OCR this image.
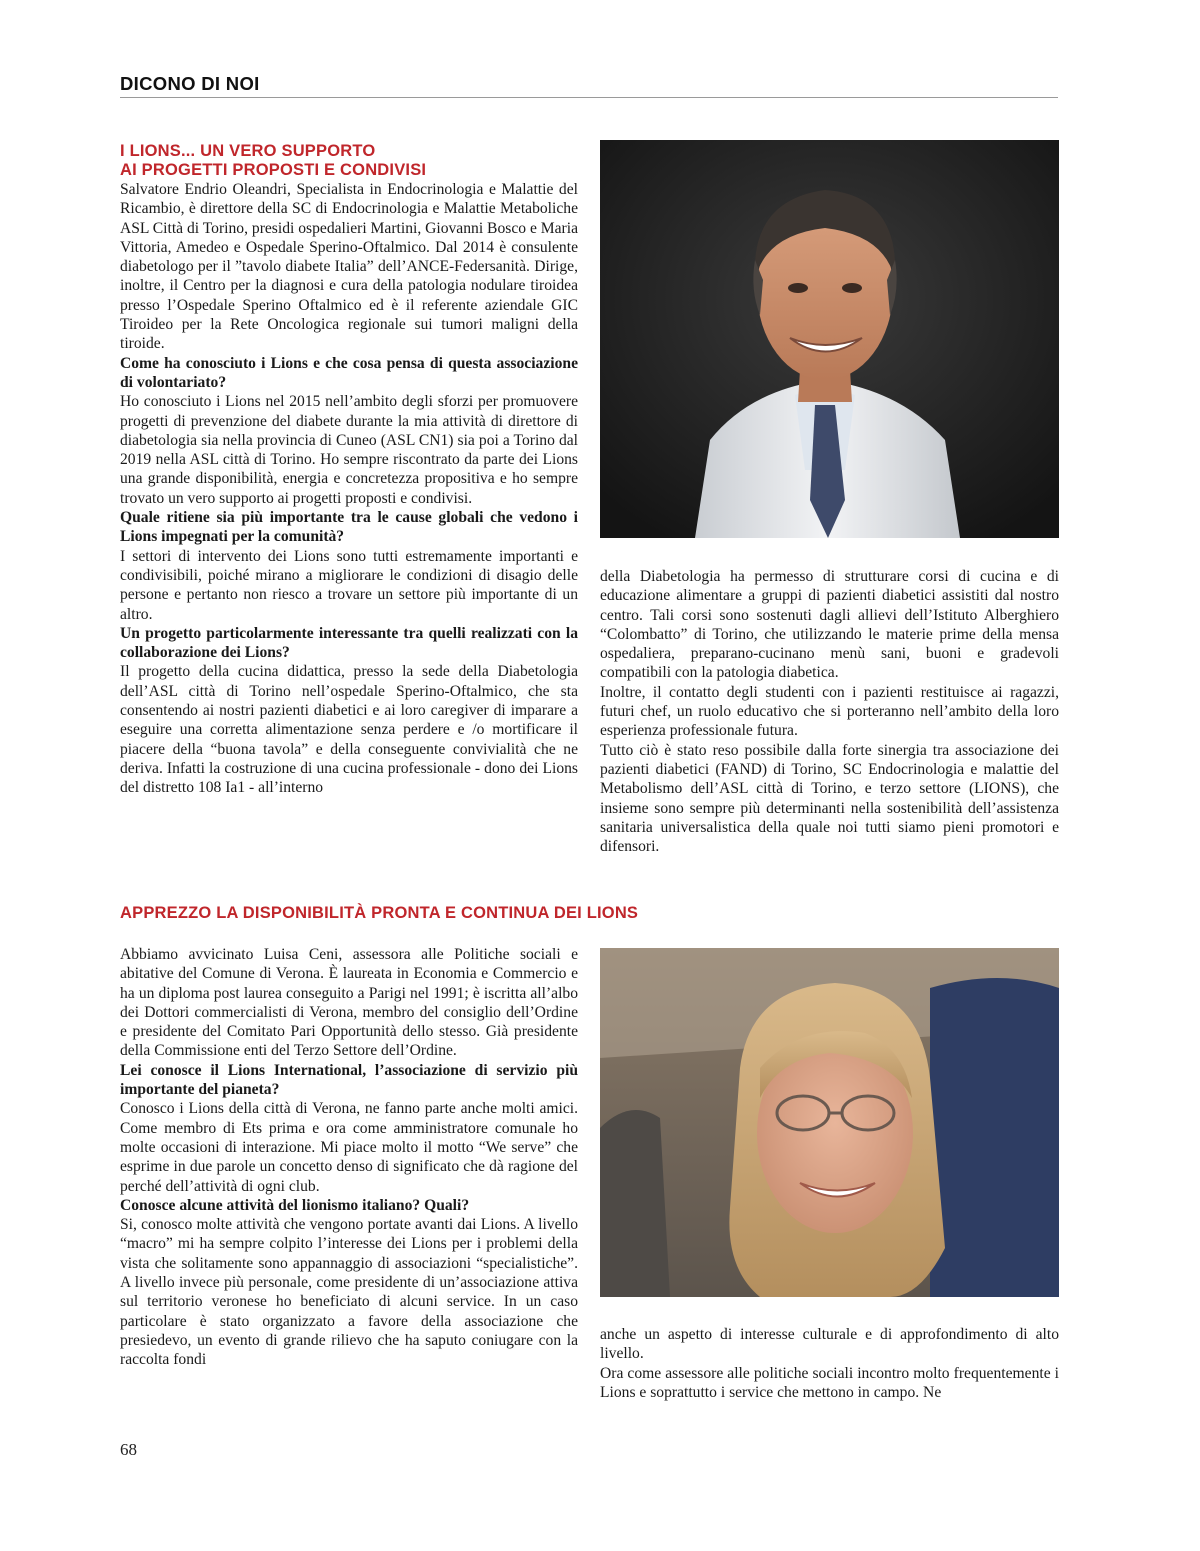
DICONO DI NOI
I LIONS... UN VERO SUPPORTO
AI PROGETTI PROPOSTI E CONDIVISI

Salvatore Endrio Oleandri, Specialista in Endocrinologia e Malattie del Ricambio, è direttore della SC di Endocrinologia e Malattie Metaboliche ASL Città di Torino, presidi ospedalieri Martini, Giovanni Bosco e Maria Vittoria, Amedeo e Ospedale Sperino-Oftalmico. Dal 2014 è consulente diabetologo per il ”tavolo diabete Italia” dell’ANCE-Federsanità. Dirige, inoltre, il Centro per la diagnosi e cura della patologia nodulare tiroidea presso l’Ospedale Sperino Oftalmico ed è il referente aziendale GIC Tiroideo per la Rete Oncologica regionale sui tumori maligni della tiroide.

Come ha conosciuto i Lions e che cosa pensa di questa associazione di volontariato?

Ho conosciuto i Lions nel 2015 nell’ambito degli sforzi per promuovere progetti di prevenzione del diabete durante la mia attività di direttore di diabetologia sia nella provincia di Cuneo (ASL CN1) sia poi a Torino dal 2019 nella ASL città di Torino. Ho sempre riscontrato da parte dei Lions una grande disponibilità, energia e concretezza propositiva e ho sempre trovato un vero supporto ai progetti proposti e condivisi.

Quale ritiene sia più importante tra le cause globali che vedono i Lions impegnati per la comunità?

I settori di intervento dei Lions sono tutti estremamente importanti e condivisibili, poiché mirano a migliorare le condizioni di disagio delle persone e pertanto non riesco a trovare un settore più importante di un altro.

Un progetto particolarmente interessante tra quelli realizzati con la collaborazione dei Lions?

Il progetto della cucina didattica, presso la sede della Diabetologia dell’ASL città di Torino nell’ospedale Sperino-Oftalmico, che sta consentendo ai nostri pazienti diabetici e ai loro caregiver di imparare a eseguire una corretta alimentazione senza perdere e /o mortificare il piacere della “buona tavola” e della conseguente convivialità che ne deriva. Infatti la costruzione di una cucina professionale - dono dei Lions del distretto 108 Ia1 - all’interno

della Diabetologia ha permesso di strutturare corsi di cucina e di educazione alimentare a gruppi di pazienti diabetici assistiti dal nostro centro. Tali corsi sono sostenuti dagli allievi dell’Istituto Alberghiero “Colombatto” di Torino, che utilizzando le materie prime della mensa ospedaliera, preparano-cucinano menù sani, buoni e gradevoli compatibili con la patologia diabetica.

Inoltre, il contatto degli studenti con i pazienti restituisce ai ragazzi, futuri chef, un ruolo educativo che si porteranno nell’ambito della loro esperienza professionale futura.

Tutto ciò è stato reso possibile dalla forte sinergia tra associazione dei pazienti diabetici (FAND) di Torino, SC Endocrinologia e malattie del Metabolismo dell’ASL città di Torino, e terzo settore (LIONS), che insieme sono sempre più determinanti nella sostenibilità dell’assistenza sanitaria universalistica della quale noi tutti siamo pieni promotori e difensori.

APPREZZO LA DISPONIBILITÀ PRONTA E CONTINUA DEI LIONS

Abbiamo avvicinato Luisa Ceni, assessora alle Politiche sociali e abitative del Comune di Verona. È laureata in Economia e Commercio e ha un diploma post laurea conseguito a Parigi nel 1991; è iscritta all’albo dei Dottori commercialisti di Verona, membro del consiglio dell’Ordine e presidente del Comitato Pari Opportunità dello stesso. Già presidente della Commissione enti del Terzo Settore dell’Ordine.

Lei conosce il Lions International, l’associazione di servizio più importante del pianeta?

Conosco i Lions della città di Verona, ne fanno parte anche molti amici. Come membro di Ets prima e ora come amministratore comunale ho molte occasioni di interazione. Mi piace molto il motto “We serve” che esprime in due parole un concetto denso di significato che dà ragione del perché dell’attività di ogni club.

Conosce alcune attività del lionismo italiano? Quali?

Si, conosco molte attività che vengono portate avanti dai Lions. A livello “macro” mi ha sempre colpito l’interesse dei Lions per i problemi della vista che solitamente sono appannaggio di associazioni “specialistiche”. A livello invece più personale, come presidente di un’associazione attiva sul territorio veronese ho beneficiato di alcuni service. In un caso particolare è stato organizzato a favore della associazione che presiedevo, un evento di grande rilievo che ha saputo coniugare con la raccolta fondi

anche un aspetto di interesse culturale e di approfondimento di alto livello.

Ora come assessore alle politiche sociali incontro molto frequentemente i Lions e soprattutto i service che mettono in campo. Ne

68
